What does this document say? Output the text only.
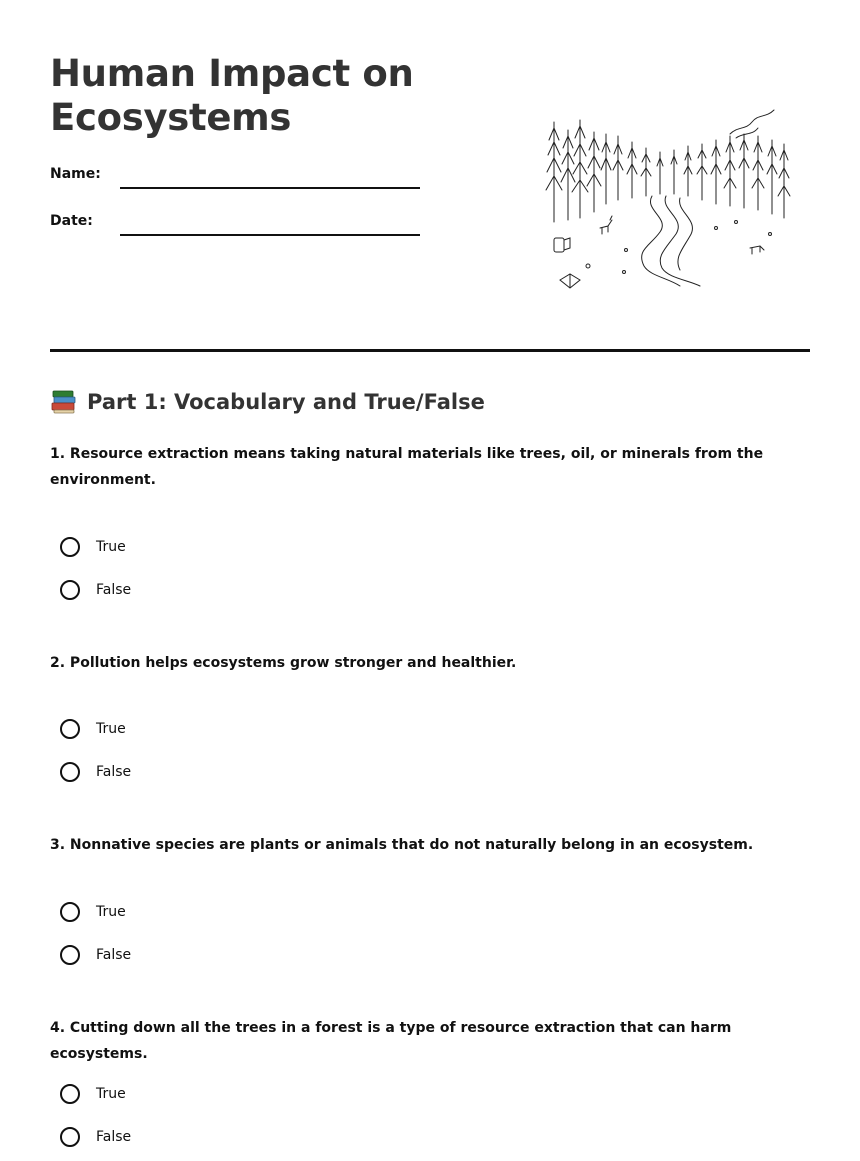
Human Impact on
Ecosystems
Name:
Date:
Part 1: Vocabulary and True/False

1. Resource extraction means taking natural materials like trees, oil, or minerals from the environment.

True
False

2. Pollution helps ecosystems grow stronger and healthier.

True
False

3. Nonnative species are plants or animals that do not naturally belong in an ecosystem.

True
False

4. Cutting down all the trees in a forest is a type of resource extraction that can harm ecosystems.

True
False
